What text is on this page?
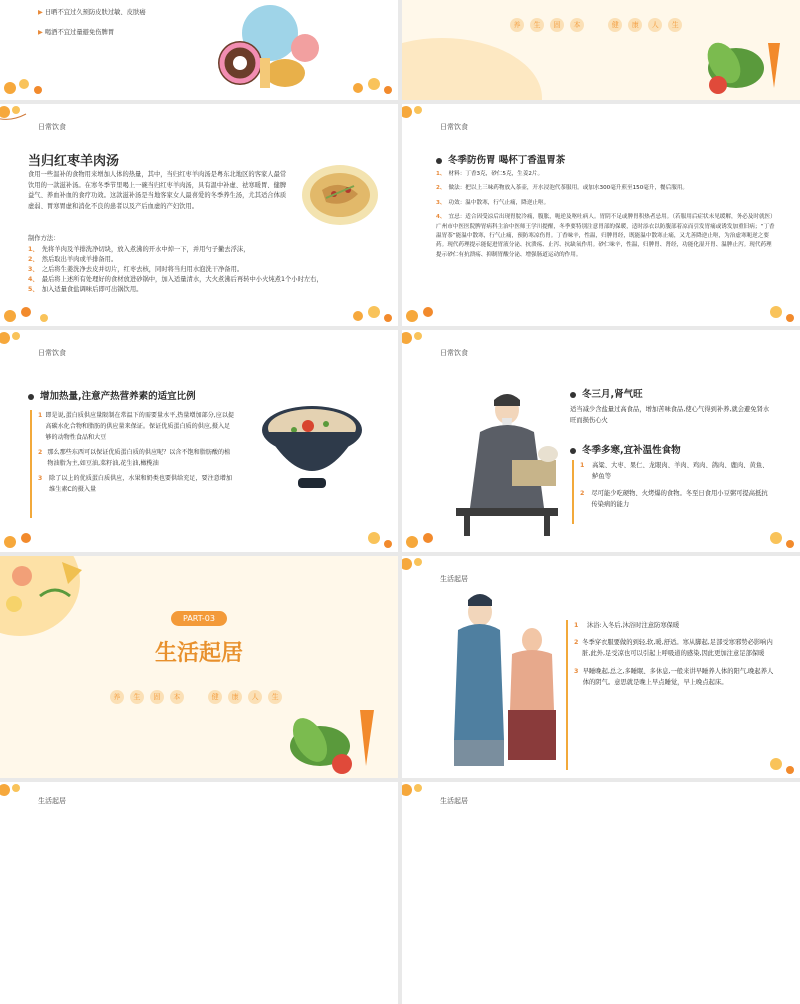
▶ 日晒不宜过久预防皮肤过敏、皮肤癌
▶ 喝酒不宜过量避免伤脾胃
养 生 固 本	健 康 人 生
日常饮食
当归红枣羊肉汤
食用一些温补的食物用来增加人体的热量，其中，当归红枣羊肉汤是粤东北地区的客家人最常饮用的一款滋补汤。在寒冬季节里喝上一碗当归红枣羊肉汤，具有温中补虚、祛寒暖胃、健脾益气、养血补血的食疗功效。这款滋补汤是当地客家女人最喜爱的冬季养生汤，尤其适合体质虚弱、胃寒胃虚和消化不良的患者以及产后血虚的产妇饮用。
制作方法：
1、 先将羊肉及羊排洗净切块，放入煮沸的开水中焯一下，并用勺子撇去浮沫，
2、 然后取出羊肉或羊排备用。
3、 之后将生姜洗净去皮并切片，红枣去核，同时将当归用水泡洗干净备用。
4、 最后将上述所有处理好的食材放进砂锅中，加入适量清水，大火煮沸后再转中小火炖煮1个小时左右，
5、 加入适量食盐调味后即可出锅饮用。
日常饮食
冬季防伤胃 喝杯丁香温胃茶
1、 材料：丁香3克，砂仁5克，生姜2片。
2、 做法：把以上三味药物放入茶壶，开水浸泡代茶服用。或加水300毫升煎至150毫升，餐后服用。
3、 功效：温中散寒，行气止痛，降逆止呕。
4、 宜忌：适合因受凉后出现胃脘冷痛，腹胀，呃逆及呕吐病人。胃阴不足或脾胃积热者忌用。（若服用后症状未见缓解，务必及时就医）广州市中医医院脾胃病科主治中医师王学川提醒，冬季要特别注意胃部的保暖，适时添衣以防腹部着凉而引发胃痛或诱发加重旧病；“丁香温胃茶”能温中散寒，行气止痛，预防寒凉伤胃。丁香味辛，性温，归脾胃经，既能温中散寒止痛，又尤善降逆止呕，为治虚寒呃逆之要药。现代药理提示能促进胃液分泌、抗溃疡、止泻、抗缺氧作用。砂仁味辛，性温，归脾胃、肾经，功能化湿开胃、温脾止泻。现代药理提示砂仁有抗溃疡、抑制胃酸分泌、增强肠道运动的作用。
日常饮食
增加热量,注意产热营养素的适宜比例
1 即是说,蛋白质供应量限制在常温下的需要量水平,热量增加部分,应以提高碳水化合物和脂肪的供应量来保证。保证优质蛋白质的供应,摄入足够的动物性食品和大豆
2 那么那些东西可以保证优质蛋白质的供应呢？以含不饱和脂肪酸的植物油脂为主,如豆油,菜籽油,花生油,橄榄油
3	除了以上的优质蛋白质供应，水果和奶类也要供给充足，要注意增加维生素C的摄入量
日常饮食
冬三月,肾气旺
适当减少含盐量过高食品，增加苦味食品,使心气得到补养,就会避免肾水旺而损伤心火
冬季多寒,宜补温性食物
1	高粱、大枣、果仁、龙眼肉、羊肉、鸡肉、鸽肉、鹿肉、黄鱼、鲈鱼等
2	尽可能少吃硬物、火烤爆的食物。冬至日食用小豆粥可提高抵抗传染病的能力
PART-03
生活起居
养 生 固 本	健 康 人 生
生活起居
1	沐浴:入冬后,沐浴时注意防寒保暖
2 冬季穿衣服要做的到轻,软,暖,舒适。寒从脚起,足部受寒邪势必影响内脏,此外,足受凉也可以引起上呼吸道的感染,因此更加注意足部保暖
3 早睡晚起,总之,多睡眠、多休息,一般来讲早睡养人体的阳气,晚起养人体的阴气。意思就是晚上早点睡觉，早上晚点起床。
生活起居	生活起居
